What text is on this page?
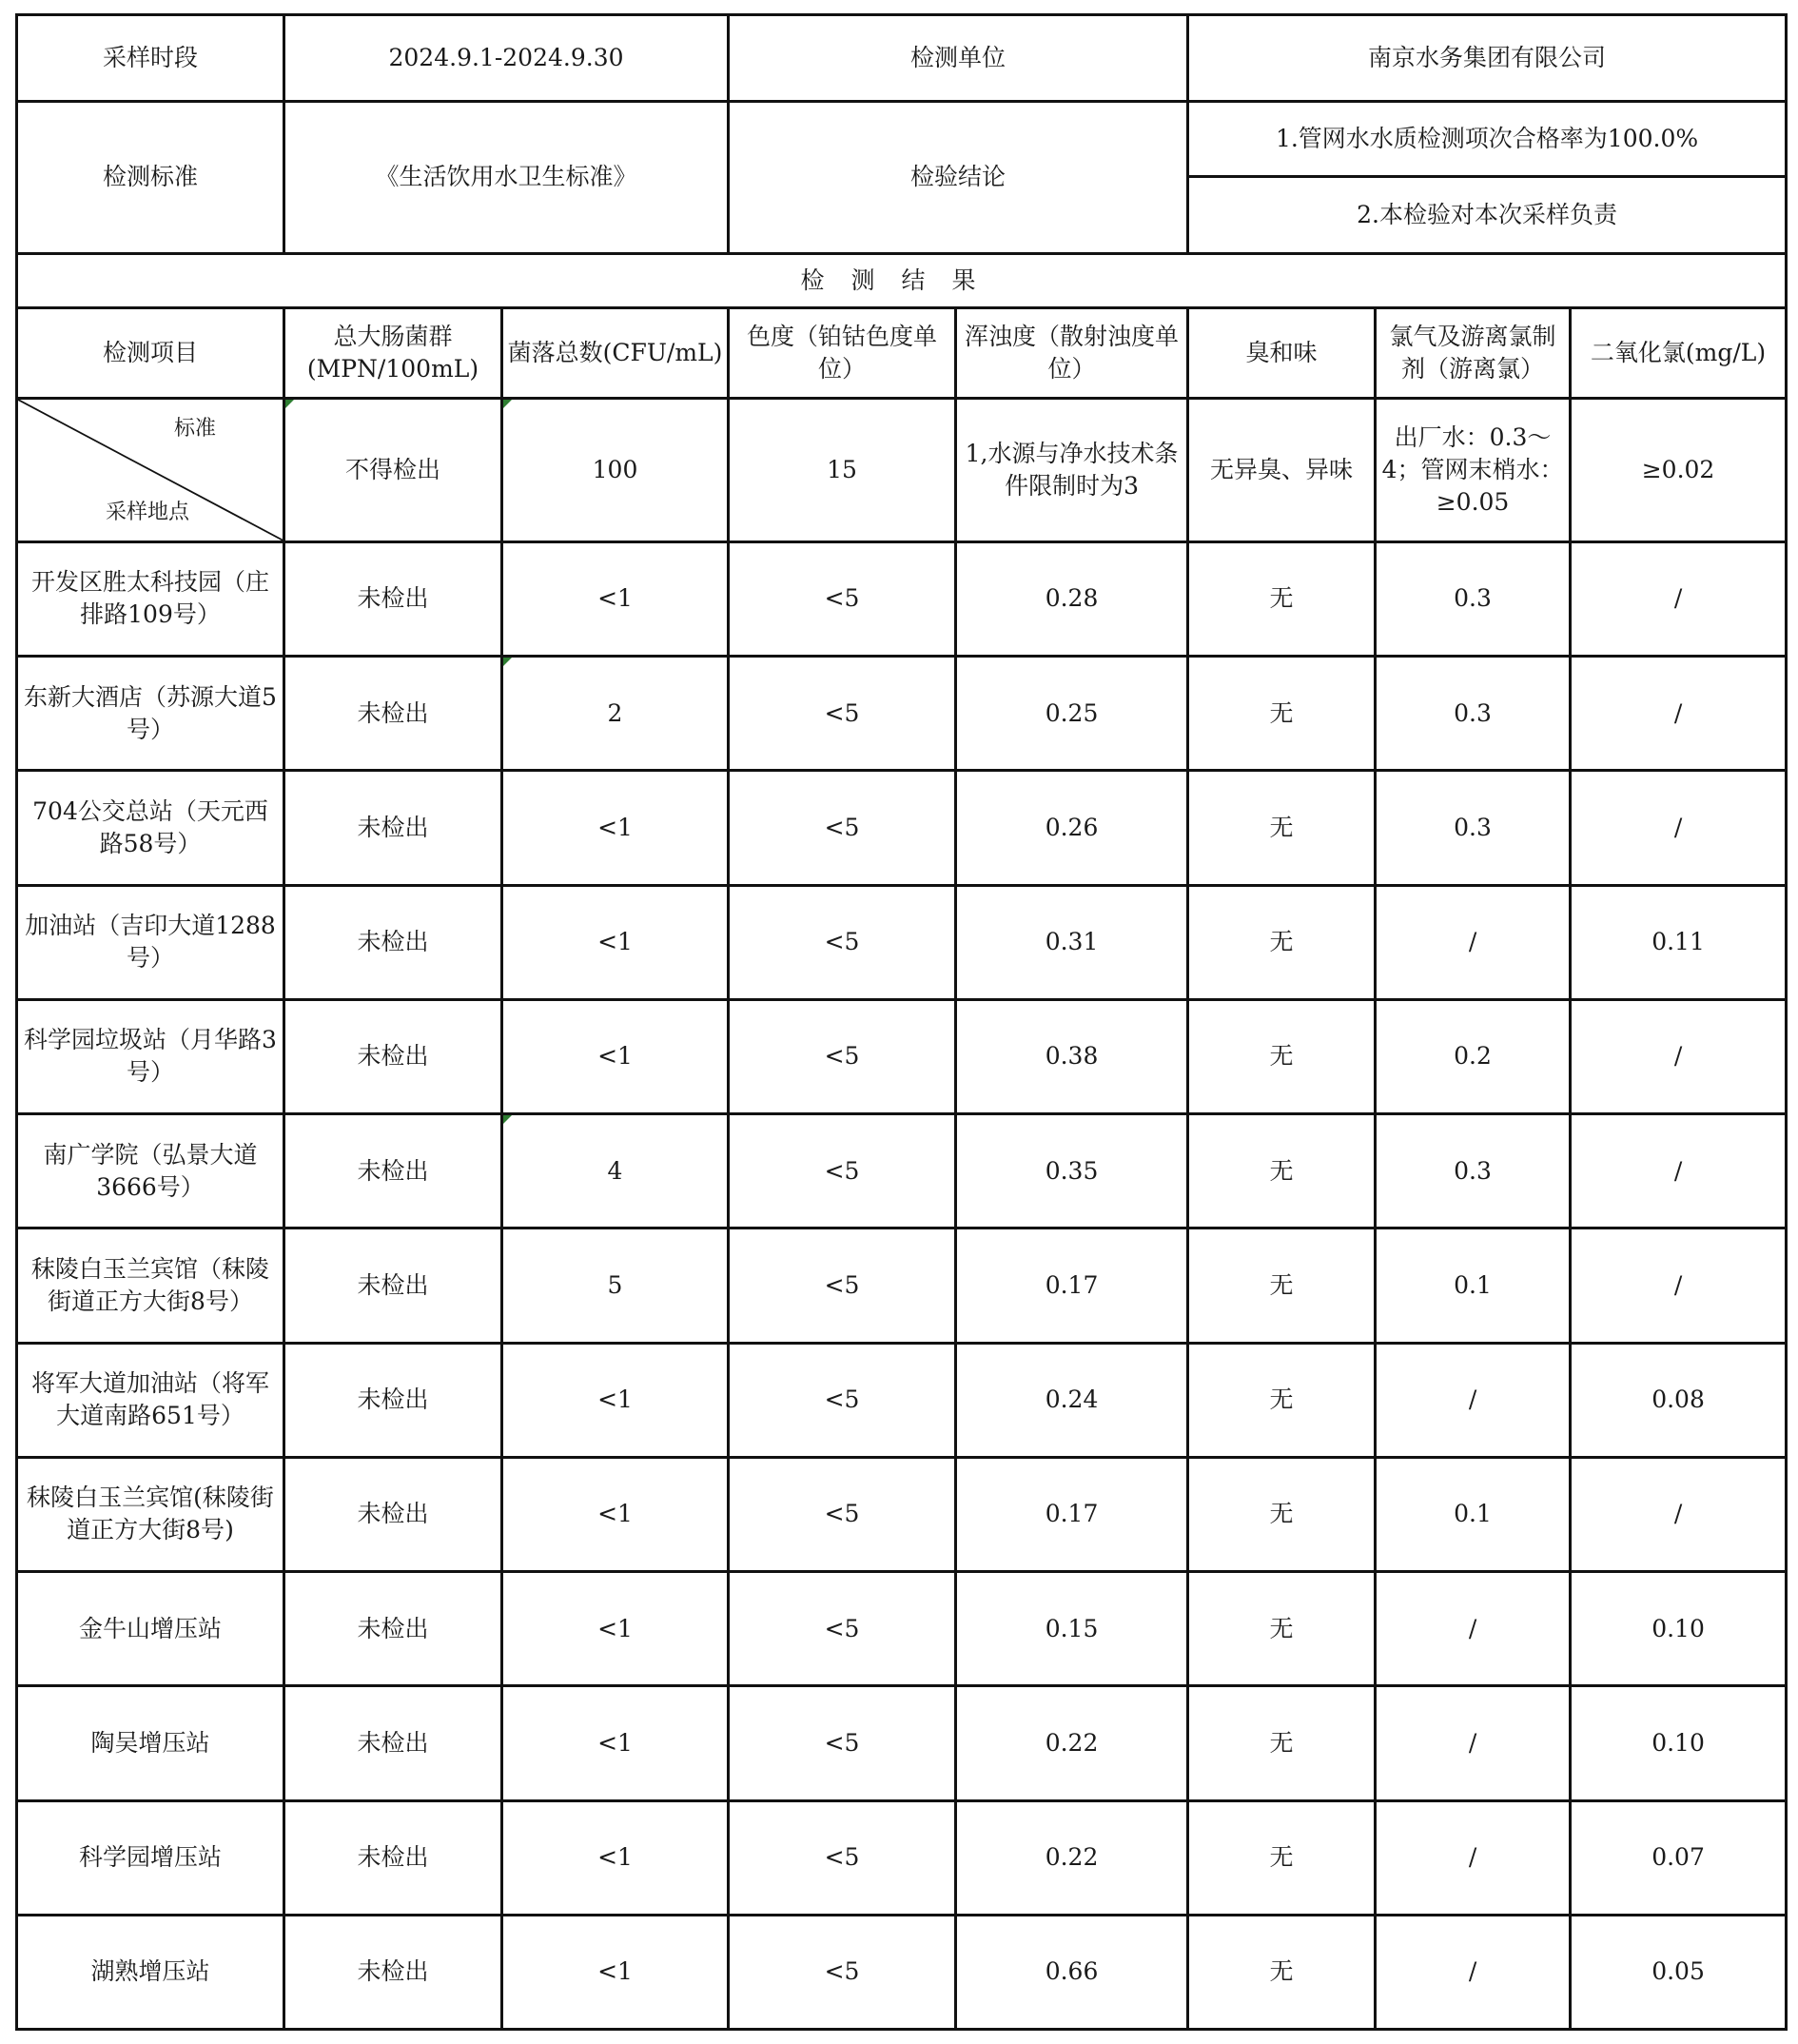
采样时段	2024.9.1-2024.9.30		检测单位		南京水务集团有限公司		
检测标准	《生活饮用水卫生标准》		检验结论		1.管网水水质检测项次合格率为100.0%		
					2.本检验对本次采样负责		
检测结果							
检测项目	总大肠菌群(MPN/100mL)	菌落总数(CFU/mL)	色度（铂钴色度单位）	浑浊度（散射浊度单位）	臭和味	氯气及游离氯制剂（游离氯）	二氧化氯(mg/L)

标准
采样地点	不得检出	100	15	1,水源与净水技术条件限制时为3	无异臭、异味	出厂水：0.3～4；管网末梢水：≥0.05	≥0.02
开发区胜太科技园（庄排路109号）	未检出	<1	<5	0.28	无	0.3	/
东新大酒店（苏源大道5号）	未检出	2	<5	0.25	无	0.3	/
704公交总站（天元西路58号）	未检出	<1	<5	0.26	无	0.3	/
加油站（吉印大道1288号）	未检出	<1	<5	0.31	无	/	0.11
科学园垃圾站（月华路3号）	未检出	<1	<5	0.38	无	0.2	/
南广学院（弘景大道3666号）	未检出	4	<5	0.35	无	0.3	/
秣陵白玉兰宾馆（秣陵街道正方大街8号）	未检出	5	<5	0.17	无	0.1	/
将军大道加油站（将军大道南路651号）	未检出	<1	<5	0.24	无	/	0.08
秣陵白玉兰宾馆(秣陵街道正方大街8号)	未检出	<1	<5	0.17	无	0.1	/
金牛山增压站	未检出	<1	<5	0.15	无	/	0.10
陶吴增压站	未检出	<1	<5	0.22	无	/	0.10
科学园增压站	未检出	<1	<5	0.22	无	/	0.07
湖熟增压站	未检出	<1	<5	0.66	无	/	0.05
